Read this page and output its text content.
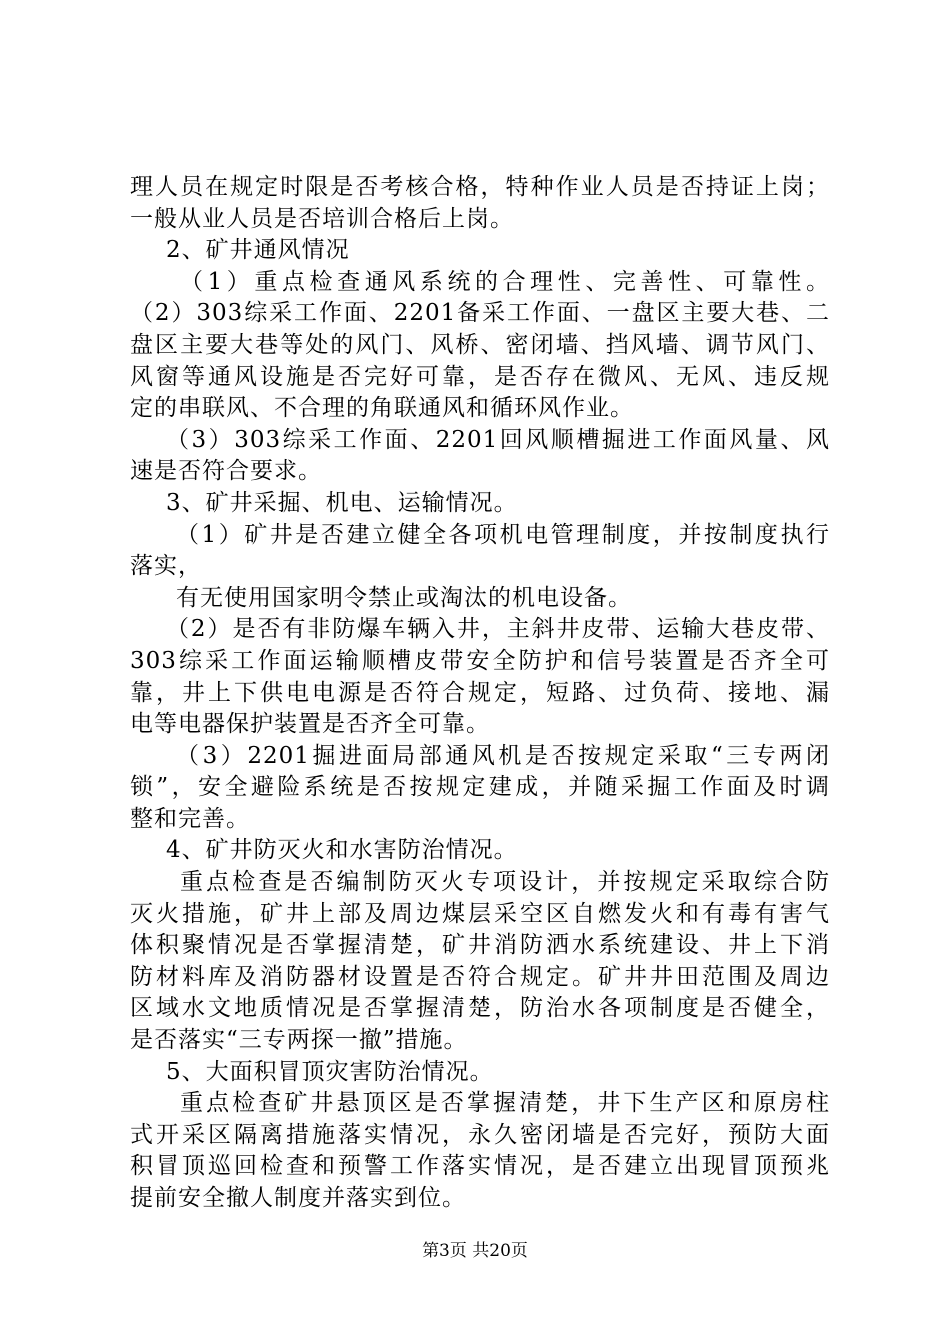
理人员在规定时限是否考核合格，特种作业人员是否持证上岗；
一般从业人员是否培训合格后上岗。
2、矿井通风情况
（1）重点检查通风系统的合理性、完善性、可靠性。
（2）303综采工作面、2201备采工作面、一盘区主要大巷、二
盘区主要大巷等处的风门、风桥、密闭墙、挡风墙、调节风门、
风窗等通风设施是否完好可靠，是否存在微风、无风、违反规
定的串联风、不合理的角联通风和循环风作业。
（3）303综采工作面、2201回风顺槽掘进工作面风量、风
速是否符合要求。
3、矿井采掘、机电、运输情况。
（1）矿井是否建立健全各项机电管理制度，并按制度执行
落实，
有无使用国家明令禁止或淘汰的机电设备。
（2）是否有非防爆车辆入井，主斜井皮带、运输大巷皮带、
303综采工作面运输顺槽皮带安全防护和信号装置是否齐全可
靠，井上下供电电源是否符合规定，短路、过负荷、接地、漏
电等电器保护装置是否齐全可靠。
（3）2201掘进面局部通风机是否按规定采取“三专两闭
锁”，安全避险系统是否按规定建成，并随采掘工作面及时调
整和完善。
4、矿井防灭火和水害防治情况。
重点检查是否编制防灭火专项设计，并按规定采取综合防
灭火措施，矿井上部及周边煤层采空区自燃发火和有毒有害气
体积聚情况是否掌握清楚，矿井消防洒水系统建设、井上下消
防材料库及消防器材设置是否符合规定。矿井井田范围及周边
区域水文地质情况是否掌握清楚，防治水各项制度是否健全，
是否落实“三专两探一撤”措施。
5、大面积冒顶灾害防治情况。
重点检查矿井悬顶区是否掌握清楚，井下生产区和原房柱
式开采区隔离措施落实情况，永久密闭墙是否完好，预防大面
积冒顶巡回检查和预警工作落实情况，是否建立出现冒顶预兆
提前安全撤人制度并落实到位。
第3页 共20页
